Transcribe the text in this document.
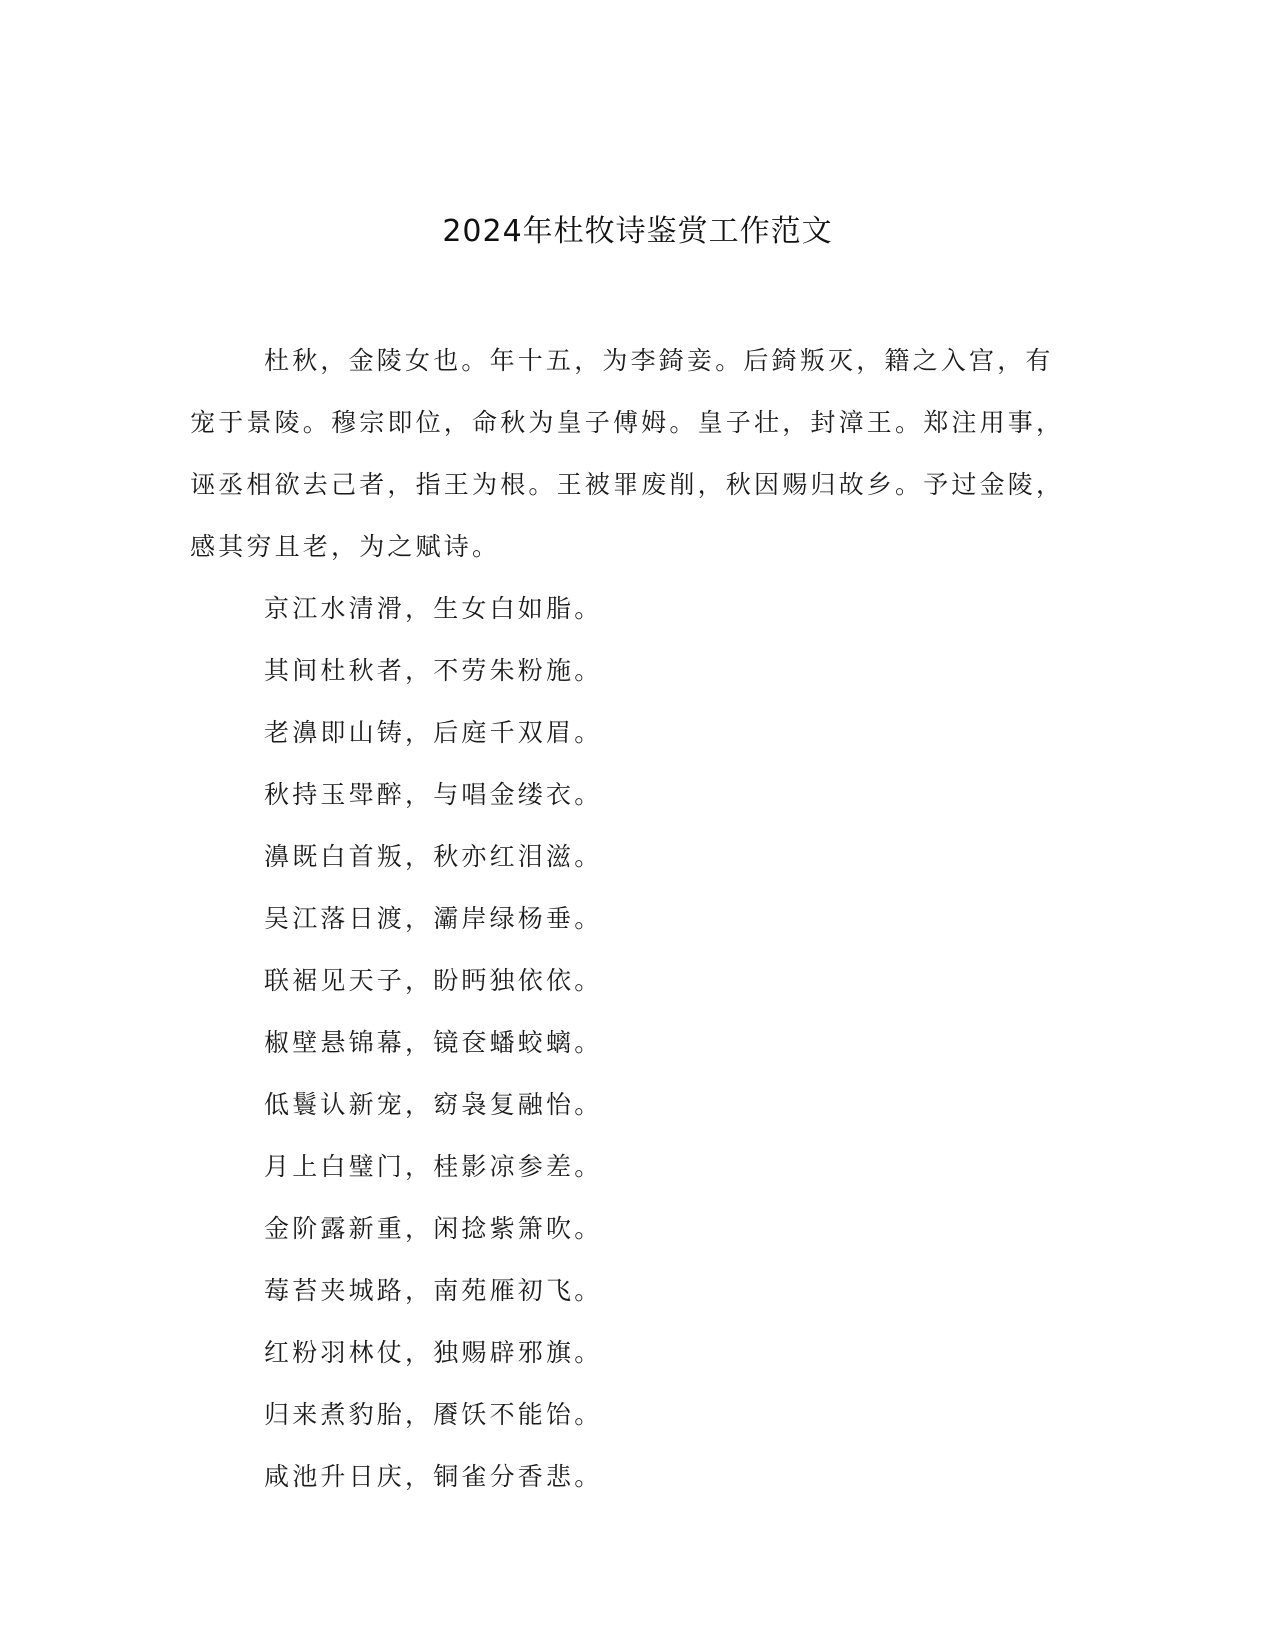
2024年杜牧诗鉴赏工作范文

杜秋，金陵女也。年十五，为李錡妾。后錡叛灭，籍之入宫，有宠于景陵。穆宗即位，命秋为皇子傅姆。皇子壮，封漳王。郑注用事，诬丞相欲去己者，指王为根。王被罪废削，秋因赐归故乡。予过金陵，感其穷且老，为之赋诗。

京江水清滑，生女白如脂。
其间杜秋者，不劳朱粉施。
老濞即山铸，后庭千双眉。
秋持玉斝醉，与唱金缕衣。
濞既白首叛，秋亦红泪滋。
吴江落日渡，灞岸绿杨垂。
联裾见天子，盼眄独依依。
椒壁悬锦幕，镜奁蟠蛟螭。
低鬟认新宠，窈袅复融怡。
月上白璧门，桂影凉参差。
金阶露新重，闲捻紫箫吹。
莓苔夹城路，南苑雁初飞。
红粉羽林仗，独赐辟邪旗。
归来煮豹胎，餍饫不能饴。
咸池升日庆，铜雀分香悲。
